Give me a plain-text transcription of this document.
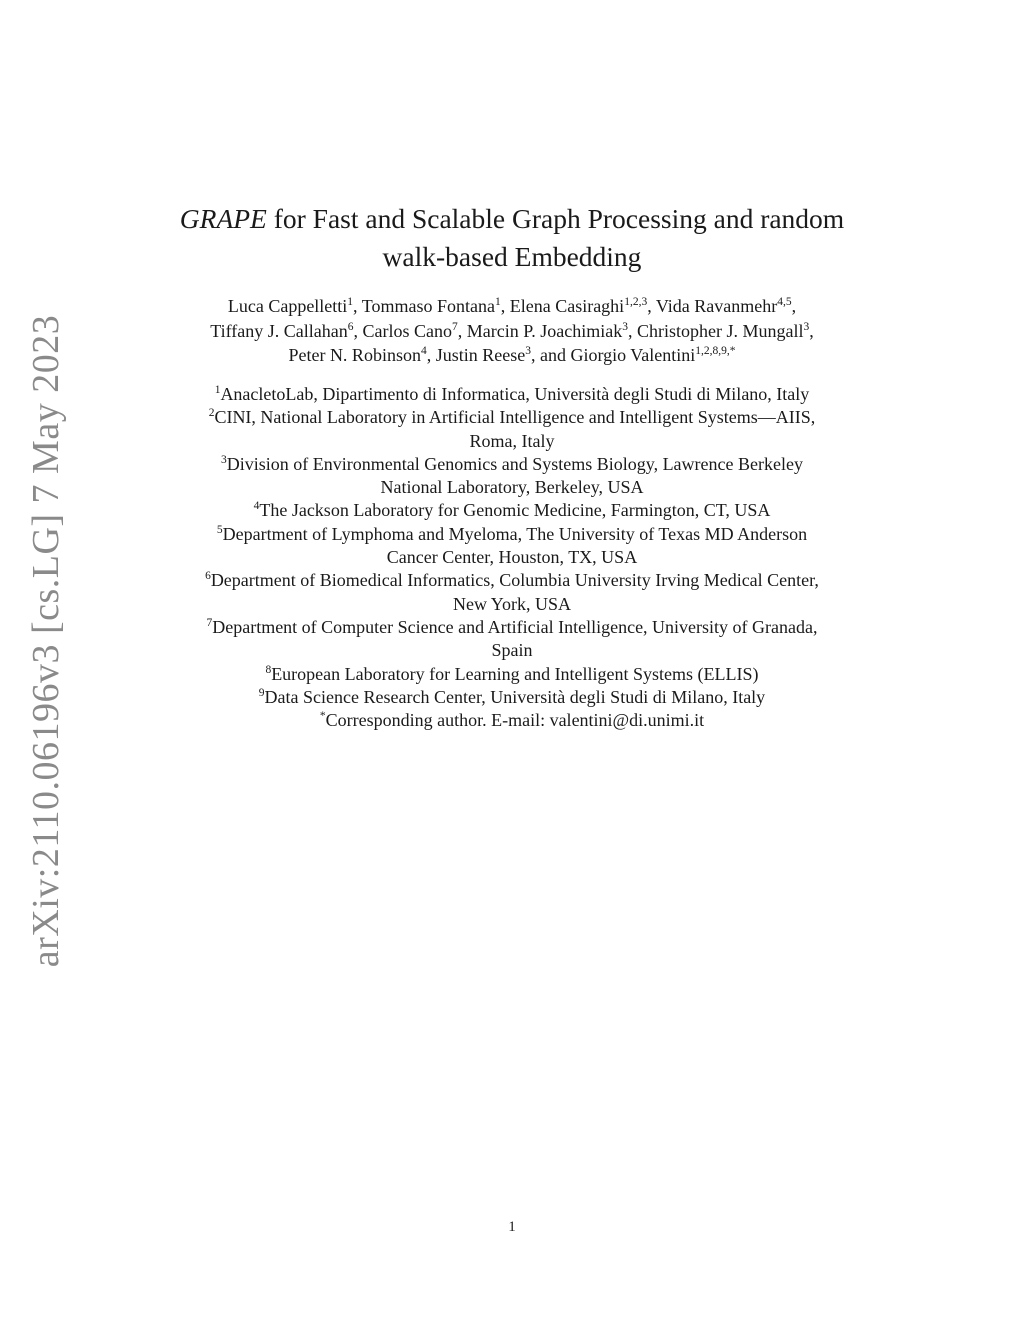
arXiv:2110.06196v3 [cs.LG] 7 May 2023
GRAPE for Fast and Scalable Graph Processing and random
walk-based Embedding
Luca Cappelletti$^1$, Tommaso Fontana$^1$, Elena Casiraghi$^{1,2,3}$, Vida Ravanmehr$^{4,5}$,
Tiffany J. Callahan$^6$, Carlos Cano$^7$, Marcin P. Joachimiak$^3$, Christopher J. Mungall$^3$,
Peter N. Robinson$^4$, Justin Reese$^3$, and Giorgio Valentini$^{1,2,8,9,*}$
$^1$AnacletoLab, Dipartimento di Informatica, Università degli Studi di Milano, Italy
$^2$CINI, National Laboratory in Artificial Intelligence and Intelligent Systems—AIIS,
Roma, Italy
$^3$Division of Environmental Genomics and Systems Biology, Lawrence Berkeley
National Laboratory, Berkeley, USA
$^4$The Jackson Laboratory for Genomic Medicine, Farmington, CT, USA
$^5$Department of Lymphoma and Myeloma, The University of Texas MD Anderson
Cancer Center, Houston, TX, USA
$^6$Department of Biomedical Informatics, Columbia University Irving Medical Center,
New York, USA
$^7$Department of Computer Science and Artificial Intelligence, University of Granada,
Spain
$^8$European Laboratory for Learning and Intelligent Systems (ELLIS)
$^9$Data Science Research Center, Università degli Studi di Milano, Italy
*Corresponding author. E-mail: valentini@di.unimi.it
1
